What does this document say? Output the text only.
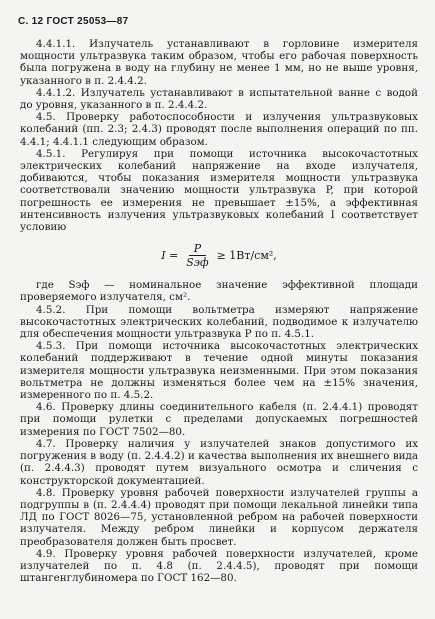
С. 12 ГОСТ 25053—87

4.4.1.1. Излучатель устанавливают в горловине измерителя мощности ультразвука таким образом, чтобы его рабочая поверхность была погружена в воду на глубину не менее 1 мм, но не выше уровня, указанного в п. 2.4.4.2.

4.4.1.2. Излучатель устанавливают в испытательной ванне с водой до уровня, указанного в п. 2.4.4.2.

4.5. Проверку работоспособности и излучения ультразвуковых колебаний (пп. 2.3; 2.4.3) проводят после выполнения операций по пп. 4.4.1; 4.4.1.1 следующим образом.

4.5.1. Регулируя при помощи источника высокочастотных электрических колебаний напряжение на входе излучателя, добиваются, чтобы показания измерителя мощности ультразвука соответствовали значению мощности ультразвука P, при которой погрешность ее измерения не превышает ±15%, а эффективная интенсивность излучения ультразвуковых колебаний I соответствует условию

$I = \frac{P}{\text{Sэф}} \ge 1Вт/см^2$,

где Sэф — номинальное значение эффективной площади проверяемого излучателя, см².

4.5.2. При помощи вольтметра измеряют напряжение высокочастотных электрических колебаний, подводимое к излучателю для обеспечения мощности ультразвука P по п. 4.5.1.

4.5.3. При помощи источника высокочастотных электрических колебаний поддерживают в течение одной минуты показания измерителя мощности ультразвука неизменными. При этом показания вольтметра не должны изменяться более чем на ±15% значения, измеренного по п. 4.5.2.

4.6. Проверку длины соединительного кабеля (п. 2.4.4.1) проводят при помощи рулетки с пределами допускаемых погрешностей измерения по ГОСТ 7502—80.

4.7. Проверку наличия у излучателей знаков допустимого их погружения в воду (п. 2.4.4.2) и качества выполнения их внешнего вида (п. 2.4.4.3) проводят путем визуального осмотра и сличения с конструкторской документацией.

4.8. Проверку уровня рабочей поверхности излучателей группы а подгруппы в (п. 2.4.4.4) проводят при помощи лекальной линейки типа ЛД по ГОСТ 8026—75, установленной ребром на рабочей поверхности излучателя. Между ребром линейки и корпусом держателя преобразователя должен быть просвет.

4.9. Проверку уровня рабочей поверхности излучателей, кроме излучателей по п. 4.8 (п. 2.4.4.5), проводят при помощи штангенглубиномера по ГОСТ 162—80.
